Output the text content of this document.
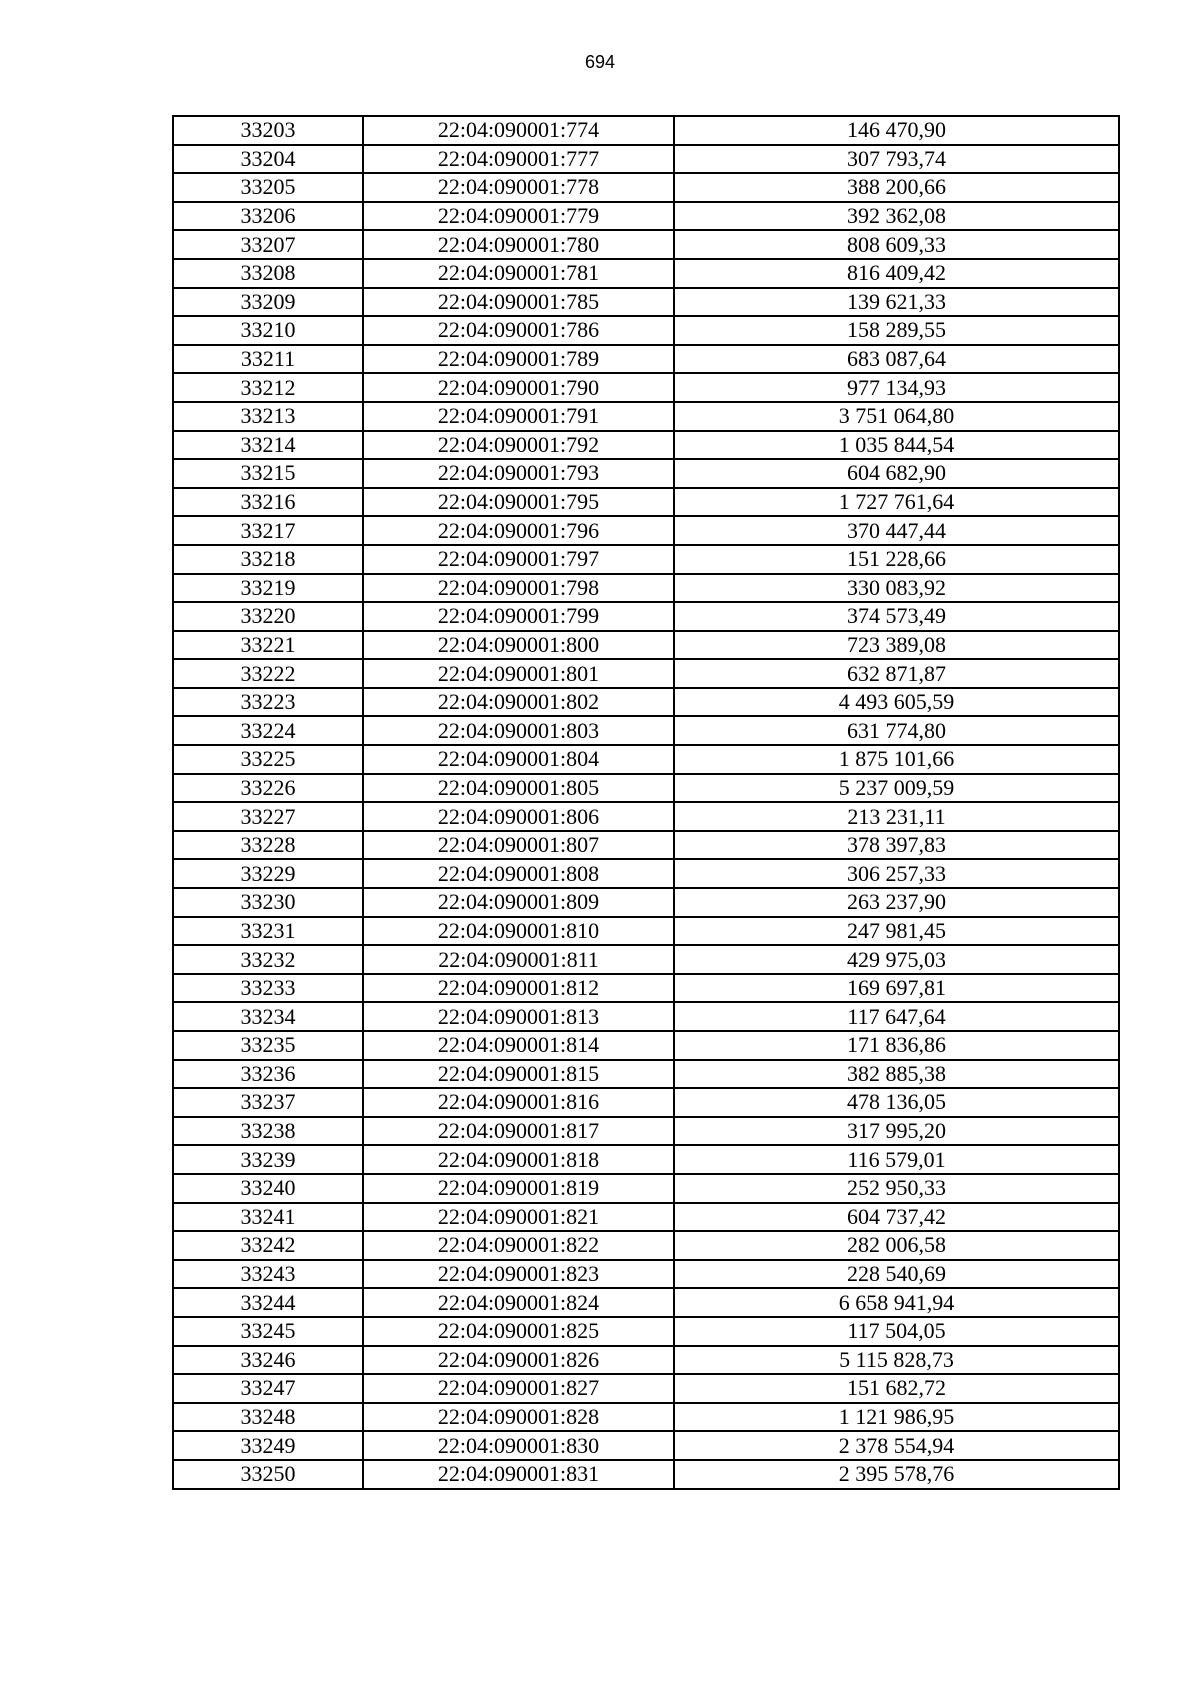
694
33203	22:04:090001:774	146 470,90
33204	22:04:090001:777	307 793,74
33205	22:04:090001:778	388 200,66
33206	22:04:090001:779	392 362,08
33207	22:04:090001:780	808 609,33
33208	22:04:090001:781	816 409,42
33209	22:04:090001:785	139 621,33
33210	22:04:090001:786	158 289,55
33211	22:04:090001:789	683 087,64
33212	22:04:090001:790	977 134,93
33213	22:04:090001:791	3 751 064,80
33214	22:04:090001:792	1 035 844,54
33215	22:04:090001:793	604 682,90
33216	22:04:090001:795	1 727 761,64
33217	22:04:090001:796	370 447,44
33218	22:04:090001:797	151 228,66
33219	22:04:090001:798	330 083,92
33220	22:04:090001:799	374 573,49
33221	22:04:090001:800	723 389,08
33222	22:04:090001:801	632 871,87
33223	22:04:090001:802	4 493 605,59
33224	22:04:090001:803	631 774,80
33225	22:04:090001:804	1 875 101,66
33226	22:04:090001:805	5 237 009,59
33227	22:04:090001:806	213 231,11
33228	22:04:090001:807	378 397,83
33229	22:04:090001:808	306 257,33
33230	22:04:090001:809	263 237,90
33231	22:04:090001:810	247 981,45
33232	22:04:090001:811	429 975,03
33233	22:04:090001:812	169 697,81
33234	22:04:090001:813	117 647,64
33235	22:04:090001:814	171 836,86
33236	22:04:090001:815	382 885,38
33237	22:04:090001:816	478 136,05
33238	22:04:090001:817	317 995,20
33239	22:04:090001:818	116 579,01
33240	22:04:090001:819	252 950,33
33241	22:04:090001:821	604 737,42
33242	22:04:090001:822	282 006,58
33243	22:04:090001:823	228 540,69
33244	22:04:090001:824	6 658 941,94
33245	22:04:090001:825	117 504,05
33246	22:04:090001:826	5 115 828,73
33247	22:04:090001:827	151 682,72
33248	22:04:090001:828	1 121 986,95
33249	22:04:090001:830	2 378 554,94
33250	22:04:090001:831	2 395 578,76
